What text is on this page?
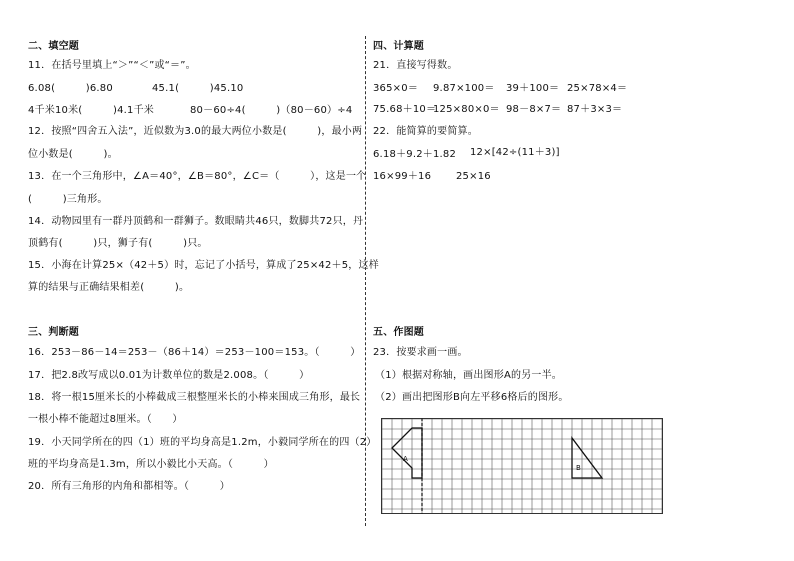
二、填空题
11．在括号里填上“＞”“＜”或“＝”。
6.08(　　　)6.80	45.1(　　　)45.10
4千米10米(　　　)4.1千米	80－60÷4(　　　)（80－60）÷4
12．按照“四舍五入法”，近似数为3.0的最大两位小数是(　　　)，最小两
位小数是(　　　)。
13．在一个三角形中，∠A＝40°，∠B＝80°，∠C＝（　　　），这是一个
(　　　)三角形。
14．动物园里有一群丹顶鹤和一群狮子。数眼睛共46只，数脚共72只，丹
顶鹤有(　　　)只，狮子有(　　　)只。
15．小海在计算25×（42＋5）时，忘记了小括号，算成了25×42＋5，这样
算的结果与正确结果相差(　　　)。
三、判断题
16．253－86－14＝253－（86＋14）＝253－100＝153。（　　　）
17．把2.8改写成以0.01为计数单位的数是2.008。（　　　）
18．将一根15厘米长的小棒截成三根整厘米长的小棒来围成三角形，最长
一根小棒不能超过8厘米。（　　）
19．小天同学所在的四（1）班的平均身高是1.2m，小毅同学所在的四（2）
班的平均身高是1.3m，所以小毅比小天高。（　　　）
20．所有三角形的内角和都相等。（　　　）
四、计算题
21．直接写得数。
365×0＝ 9.87×100＝ 39＋100＝ 25×78×4＝
75.68＋10＝
125×80×0＝ 98－8×7＝ 87＋3×3＝
22．能简算的要简算。
6.18＋9.2＋1.82 12×[42÷(11＋3)]
16×99＋16 25×16
五、作图题
23．按要求画一画。
（1）根据对称轴，画出图形A的另一半。
（2）画出把图形B向左平移6格后的图形。
A
B
